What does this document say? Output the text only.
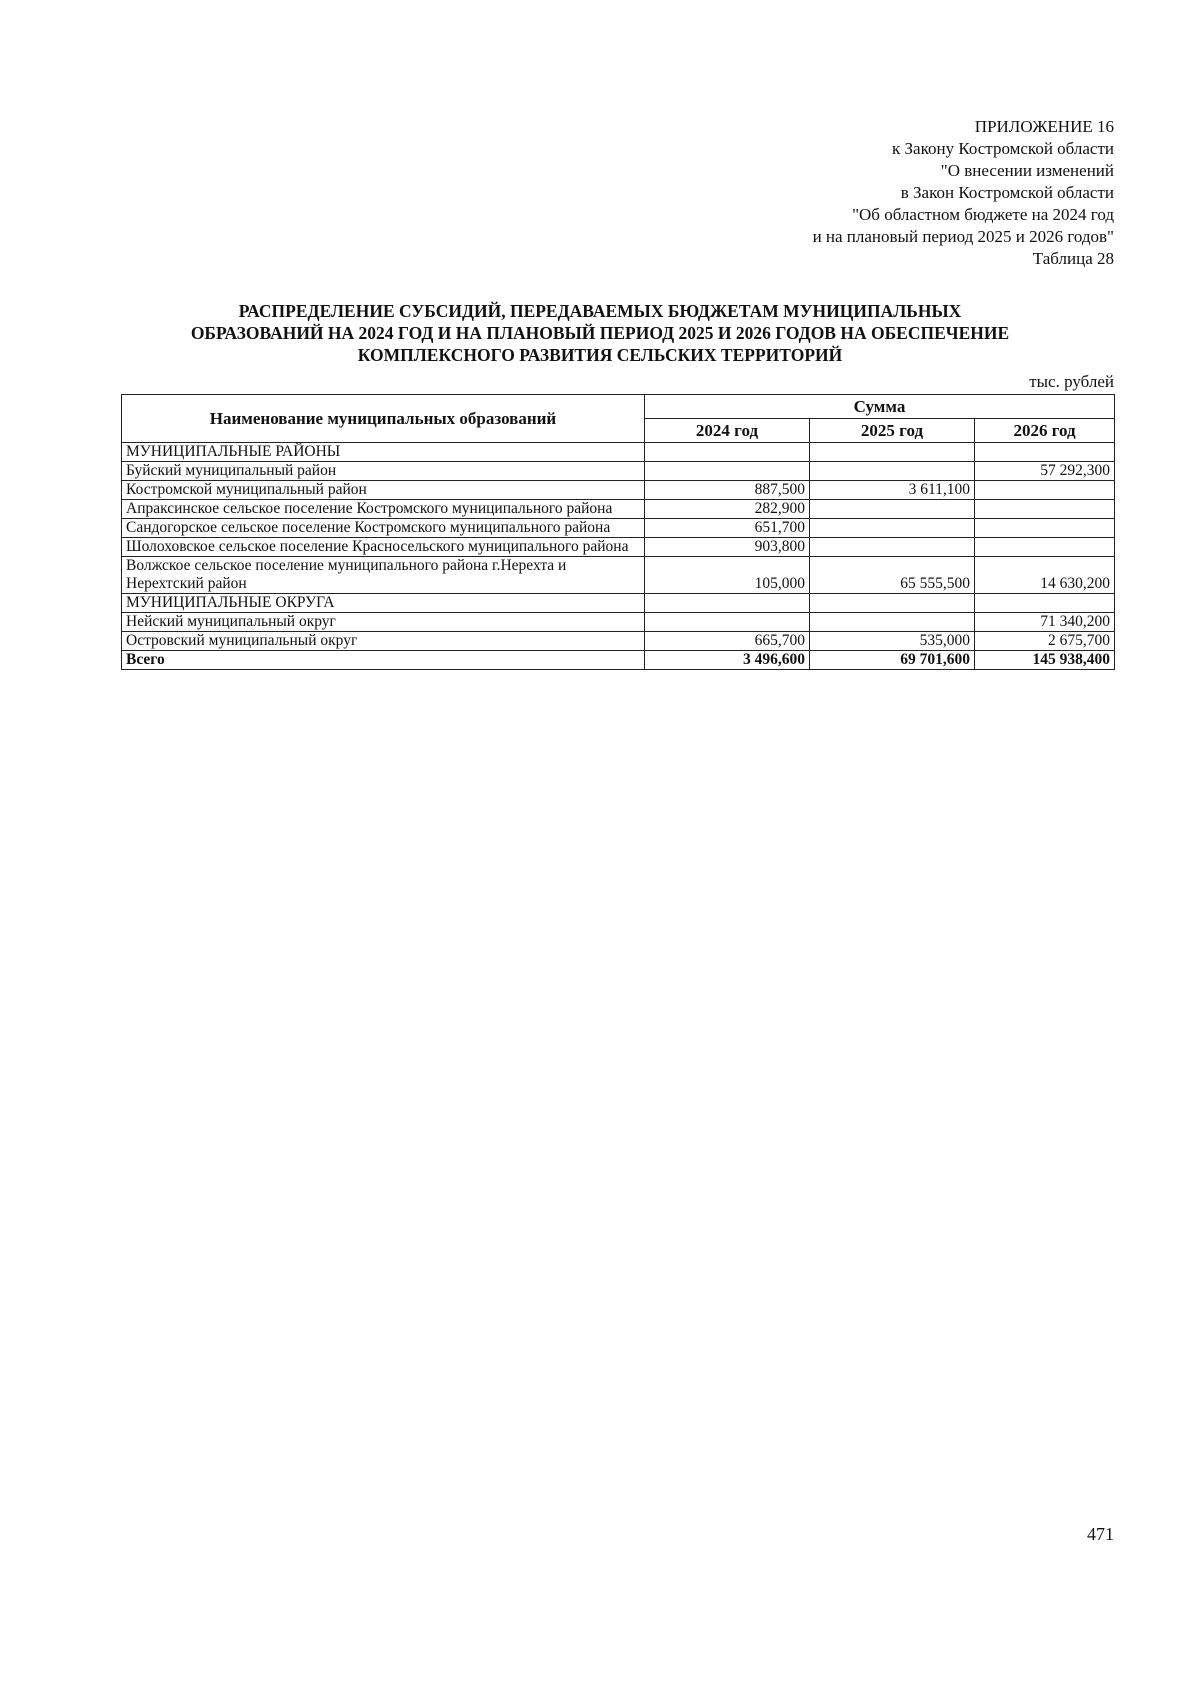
ПРИЛОЖЕНИЕ 16
к Закону Костромской области
"О внесении изменений
в Закон Костромской области
"Об областном бюджете на 2024 год
и на плановый период 2025 и 2026 годов"
Таблица 28
РАСПРЕДЕЛЕНИЕ СУБСИДИЙ, ПЕРЕДАВАЕМЫХ БЮДЖЕТАМ МУНИЦИПАЛЬНЫХ
ОБРАЗОВАНИЙ НА 2024 ГОД И НА ПЛАНОВЫЙ ПЕРИОД 2025 И 2026 ГОДОВ НА ОБЕСПЕЧЕНИЕ
КОМПЛЕКСНОГО РАЗВИТИЯ СЕЛЬСКИХ ТЕРРИТОРИЙ
тыс. рублей
Наименование муниципальных образований	Сумма		
	2024 год	2025 год	2026 год
МУНИЦИПАЛЬНЫЕ РАЙОНЫ			
Буйский муниципальный район			57 292,300
Костромской муниципальный район	887,500	3 611,100	
Апраксинское сельское поселение Костромского муниципального района	282,900		
Сандогорское сельское поселение Костромского муниципального района	651,700		
Шолоховское сельское поселение Красносельского муниципального района	903,800		
Волжское сельское поселение муниципального района г.Нерехта и Нерехтский район	105,000	65 555,500	14 630,200
МУНИЦИПАЛЬНЫЕ ОКРУГА			
Нейский муниципальный округ			71 340,200
Островский муниципальный округ	665,700	535,000	2 675,700
Всего	3 496,600	69 701,600	145 938,400
471
